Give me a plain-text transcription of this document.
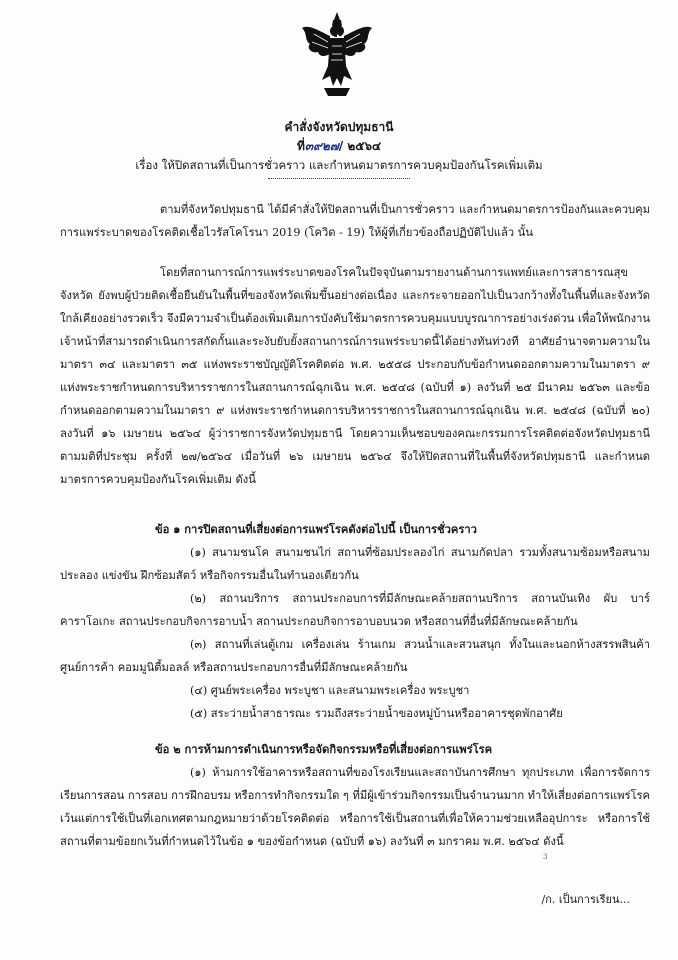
คำสั่งจังหวัดปทุมธานี
ที่๓๙๒๗/ ๒๕๖๔
เรื่อง ให้ปิดสถานที่เป็นการชั่วคราว และกำหนดมาตรการควบคุมป้องกันโรคเพิ่มเติม

ตามที่จังหวัดปทุมธานี ได้มีคำสั่งให้ปิดสถานที่เป็นการชั่วคราว และกำหนดมาตรการป้องกันและควบคุมการแพร่ระบาดของโรคติดเชื้อไวรัสโคโรนา 2019 (โควิด - 19) ให้ผู้ที่เกี่ยวข้องถือปฏิบัติไปแล้ว นั้น

โดยที่สถานการณ์การแพร่ระบาดของโรคในปัจจุบันตามรายงานด้านการแพทย์และการสาธารณสุขจังหวัด ยังพบผู้ป่วยติดเชื้อยืนยันในพื้นที่ของจังหวัดเพิ่มขึ้นอย่างต่อเนื่อง และกระจายออกไปเป็นวงกว้างทั้งในพื้นที่และจังหวัดใกล้เคียงอย่างรวดเร็ว จึงมีความจำเป็นต้องเพิ่มเติมการบังคับใช้มาตรการควบคุมแบบบูรณาการอย่างเร่งด่วน เพื่อให้พนักงานเจ้าหน้าที่สามารถดำเนินการสกัดกั้นและระงับยับยั้งสถานการณ์การแพร่ระบาดนี้ได้อย่างทันท่วงที อาศัยอำนาจตามความในมาตรา ๓๔ และมาตรา ๓๕ แห่งพระราชบัญญัติโรคติดต่อ พ.ศ. ๒๕๕๘ ประกอบกับข้อกำหนดออกตามความในมาตรา ๙ แห่งพระราชกำหนดการบริหารราชการในสถานการณ์ฉุกเฉิน พ.ศ. ๒๕๔๘ (ฉบับที่ ๑) ลงวันที่ ๒๕ มีนาคม ๒๕๖๓ และข้อกำหนดออกตามความในมาตรา ๙ แห่งพระราชกำหนดการบริหารราชการในสถานการณ์ฉุกเฉิน พ.ศ. ๒๕๔๘ (ฉบับที่ ๒๐) ลงวันที่ ๑๖ เมษายน ๒๕๖๔ ผู้ว่าราชการจังหวัดปทุมธานี โดยความเห็นชอบของคณะกรรมการโรคติดต่อจังหวัดปทุมธานี ตามมติที่ประชุม ครั้งที่ ๒๗/๒๕๖๔ เมื่อวันที่ ๒๖ เมษายน ๒๕๖๔ จึงให้ปิดสถานที่ในพื้นที่จังหวัดปทุมธานี และกำหนดมาตรการควบคุมป้องกันโรคเพิ่มเติม ดังนี้

ข้อ ๑ การปิดสถานที่เสี่ยงต่อการแพร่โรคดังต่อไปนี้ เป็นการชั่วคราว

(๑) สนามชนโค สนามชนไก่ สถานที่ซ้อมประลองไก่ สนามกัดปลา รวมทั้งสนามซ้อมหรือสนามประลอง แข่งขัน ฝึกซ้อมสัตว์ หรือกิจกรรมอื่นในทำนองเดียวกัน

(๒) สถานบริการ สถานประกอบการที่มีลักษณะคล้ายสถานบริการ สถานบันเทิง ผับ บาร์ คาราโอเกะ สถานประกอบกิจการอาบน้ำ สถานประกอบกิจการอาบอบนวด หรือสถานที่อื่นที่มีลักษณะคล้ายกัน

(๓) สถานที่เล่นตู้เกม เครื่องเล่น ร้านเกม สวนน้ำและสวนสนุก ทั้งในและนอกห้างสรรพสินค้า ศูนย์การค้า คอมมูนิตี้มอลล์ หรือสถานประกอบการอื่นที่มีลักษณะคล้ายกัน

(๔) ศูนย์พระเครื่อง พระบูชา และสนามพระเครื่อง พระบูชา

(๕) สระว่ายน้ำสาธารณะ รวมถึงสระว่ายน้ำของหมู่บ้านหรืออาคารชุดพักอาศัย

ข้อ ๒ การห้ามการดำเนินการหรือจัดกิจกรรมหรือที่เสี่ยงต่อการแพร่โรค

(๑) ห้ามการใช้อาคารหรือสถานที่ของโรงเรียนและสถาบันการศึกษา ทุกประเภท เพื่อการจัดการเรียนการสอน การสอบ การฝึกอบรม หรือการทำกิจกรรมใด ๆ ที่มีผู้เข้าร่วมกิจกรรมเป็นจำนวนมาก ทำให้เสี่ยงต่อการแพร่โรค เว้นแต่การใช้เป็นที่เอกเทศตามกฎหมายว่าด้วยโรคติดต่อ หรือการใช้เป็นสถานที่เพื่อให้ความช่วยเหลืออุปการะ หรือการใช้สถานที่ตามข้อยกเว้นที่กำหนดไว้ในข้อ ๑ ของข้อกำหนด (ฉบับที่ ๑๖) ลงวันที่ ๓ มกราคม พ.ศ. ๒๕๖๔ ดังนี้

3
/ก. เป็นการเรียน...
